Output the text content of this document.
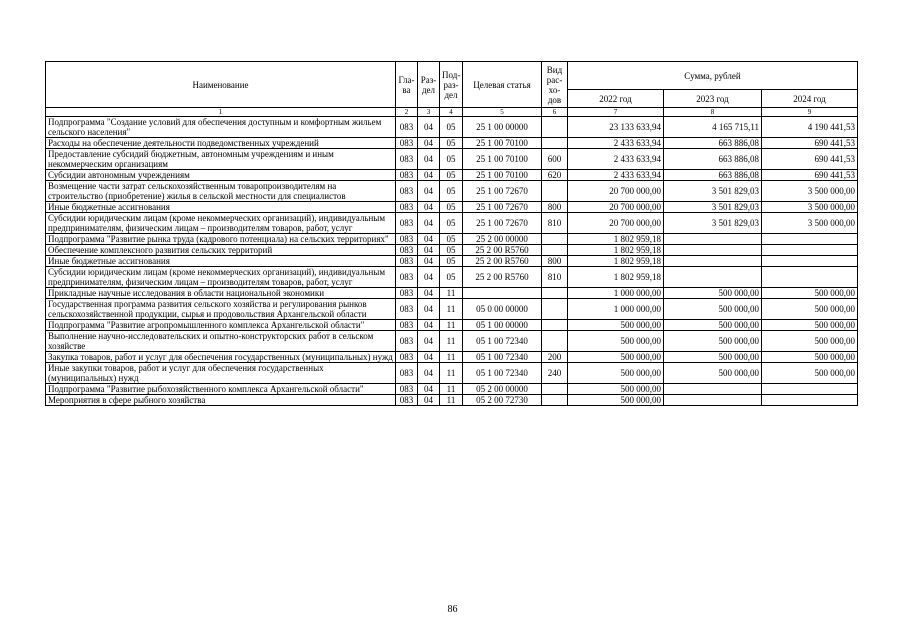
Наименование	Гла-ва	Раз-дел	Под-раз-дел	Целевая статья	Вид рас-хо-дов	Сумма, рублей		
						2022 год	2023 год	2024 год
1	2	3	4	5	6	7	8	9
Подпрограмма "Создание условий для обеспечения доступным и комфортным жильем сельского населения"	083	04	05	25 1 00 00000		23 133 633,94	4 165 715,11	4 190 441,53
Расходы на обеспечение деятельности подведомственных учреждений	083	04	05	25 1 00 70100		2 433 633,94	663 886,08	690 441,53
Предоставление субсидий бюджетным, автономным учреждениям и иным некоммерческим организациям	083	04	05	25 1 00 70100	600	2 433 633,94	663 886,08	690 441,53
Субсидии автономным учреждениям	083	04	05	25 1 00 70100	620	2 433 633,94	663 886,08	690 441,53
Возмещение части затрат сельскохозяйственным товаропроизводителям на строительство (приобретение) жилья в сельской местности для специалистов	083	04	05	25 1 00 72670		20 700 000,00	3 501 829,03	3 500 000,00
Иные бюджетные ассигнования	083	04	05	25 1 00 72670	800	20 700 000,00	3 501 829,03	3 500 000,00
Субсидии юридическим лицам (кроме некоммерческих организаций), индивидуальным предпринимателям, физическим лицам – производителям товаров, работ, услуг	083	04	05	25 1 00 72670	810	20 700 000,00	3 501 829,03	3 500 000,00
Подпрограмма "Развитие рынка труда (кадрового потенциала) на сельских территориях"	083	04	05	25 2 00 00000		1 802 959,18		
Обеспечение комплексного развития сельских территорий	083	04	05	25 2 00 R5760		1 802 959,18		
Иные бюджетные ассигнования	083	04	05	25 2 00 R5760	800	1 802 959,18		
Субсидии юридическим лицам (кроме некоммерческих организаций), индивидуальным предпринимателям, физическим лицам – производителям товаров, работ, услуг	083	04	05	25 2 00 R5760	810	1 802 959,18		
Прикладные научные исследования в области национальной экономики	083	04	11			1 000 000,00	500 000,00	500 000,00
Государственная программа развития сельского хозяйства и регулирования рынков сельскохозяйственной продукции, сырья и продовольствия Архангельской области	083	04	11	05 0 00 00000		1 000 000,00	500 000,00	500 000,00
Подпрограмма "Развитие агропромышленного комплекса Архангельской области"	083	04	11	05 1 00 00000		500 000,00	500 000,00	500 000,00
Выполнение научно-исследовательских и опытно-конструкторских работ в сельском хозяйстве	083	04	11	05 1 00 72340		500 000,00	500 000,00	500 000,00
Закупка товаров, работ и услуг для обеспечения государственных (муниципальных) нужд	083	04	11	05 1 00 72340	200	500 000,00	500 000,00	500 000,00
Иные закупки товаров, работ и услуг для обеспечения государственных (муниципальных) нужд	083	04	11	05 1 00 72340	240	500 000,00	500 000,00	500 000,00
Подпрограмма "Развитие рыбохозяйственного комплекса Архангельской области"	083	04	11	05 2 00 00000		500 000,00		
Мероприятия в сфере рыбного хозяйства	083	04	11	05 2 00 72730		500 000,00		
86
